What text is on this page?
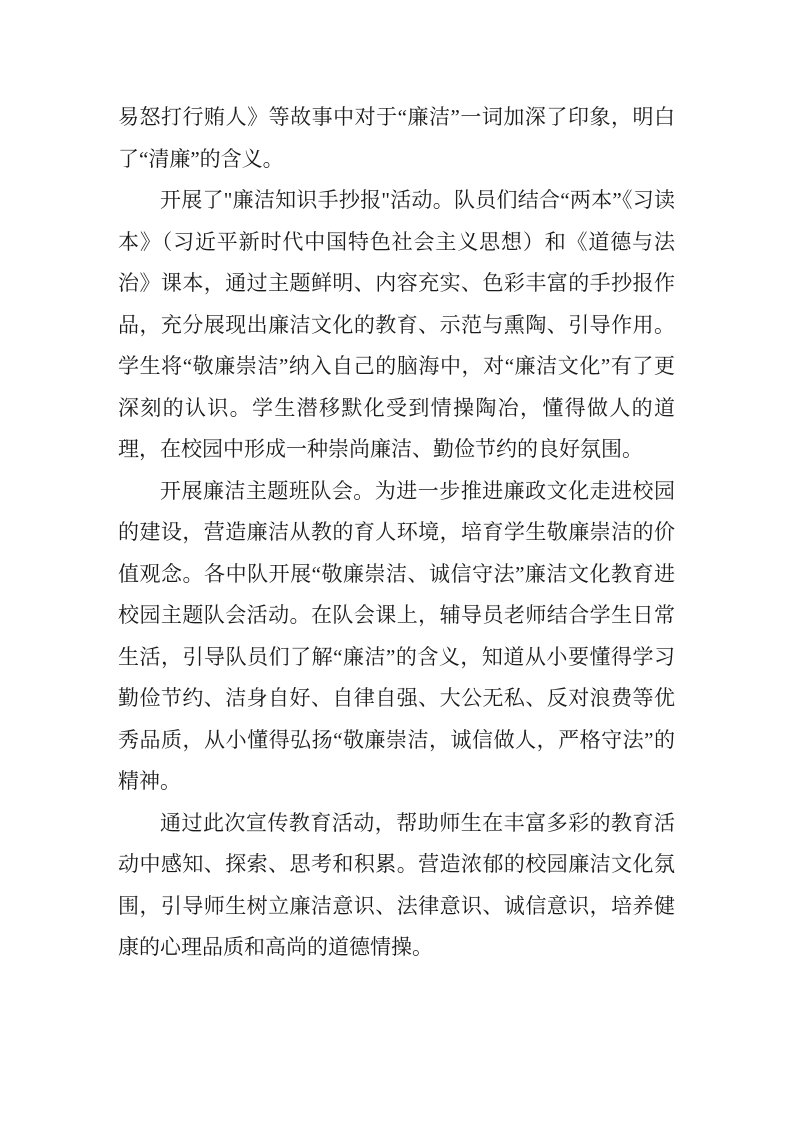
易怒打行贿人》等故事中对于“廉洁”一词加深了印象，明白了“清廉”的含义。

开展了"廉洁知识手抄报"活动。队员们结合“两本”《习读本》（习近平新时代中国特色社会主义思想）和《道德与法治》课本，通过主题鲜明、内容充实、色彩丰富的手抄报作品，充分展现出廉洁文化的教育、示范与熏陶、引导作用。学生将“敬廉崇洁”纳入自己的脑海中，对“廉洁文化”有了更深刻的认识。学生潜移默化受到情操陶冶，懂得做人的道理，在校园中形成一种崇尚廉洁、勤俭节约的良好氛围。

开展廉洁主题班队会。为进一步推进廉政文化走进校园的建设，营造廉洁从教的育人环境，培育学生敬廉崇洁的价值观念。各中队开展“敬廉崇洁、诚信守法”廉洁文化教育进校园主题队会活动。在队会课上，辅导员老师结合学生日常生活，引导队员们了解“廉洁”的含义，知道从小要懂得学习勤俭节约、洁身自好、自律自强、大公无私、反对浪费等优秀品质，从小懂得弘扬“敬廉崇洁，诚信做人，严格守法”的精神。

通过此次宣传教育活动，帮助师生在丰富多彩的教育活动中感知、探索、思考和积累。营造浓郁的校园廉洁文化氛围，引导师生树立廉洁意识、法律意识、诚信意识，培养健康的心理品质和高尚的道德情操。
